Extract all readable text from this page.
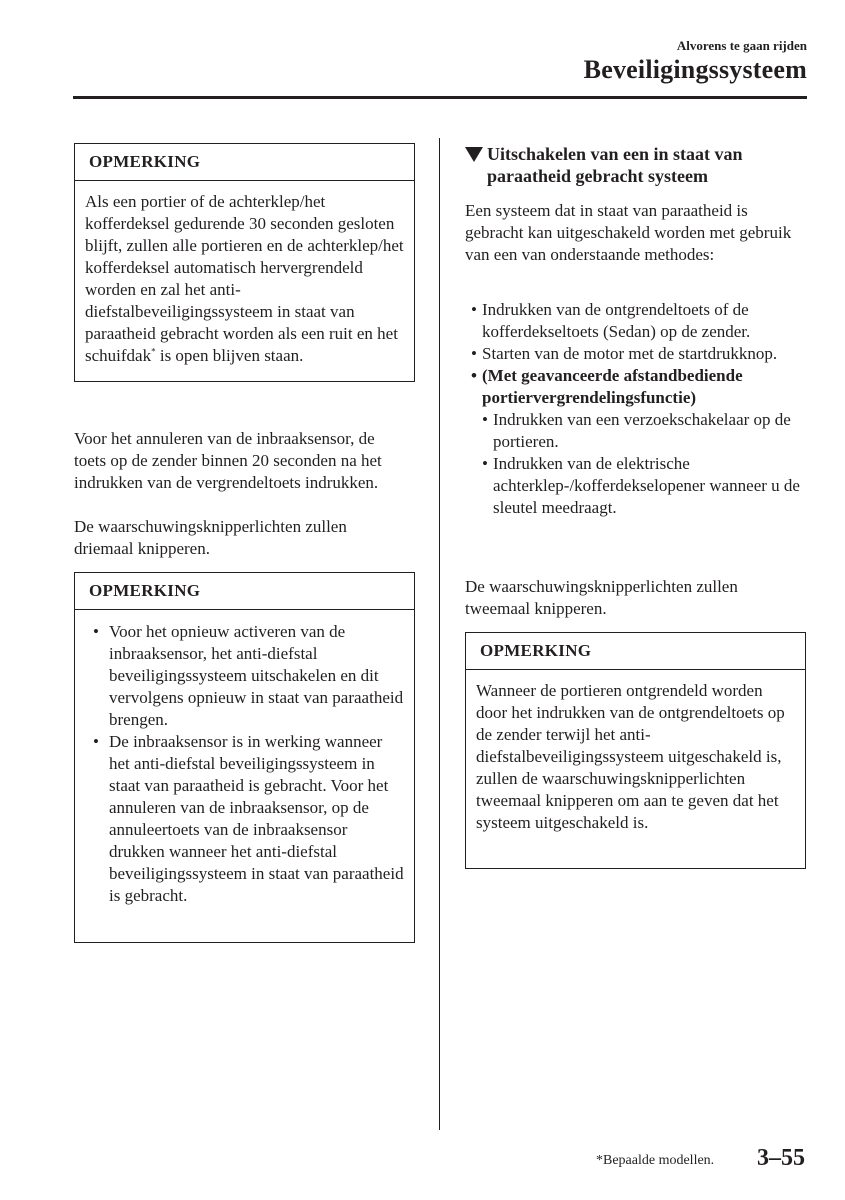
Alvorens te gaan rijden
Beveiligingssysteem
OPMERKING
Als een portier of de achterklep/het kofferdeksel gedurende 30 seconden gesloten blijft, zullen alle portieren en de achterklep/het kofferdeksel automatisch hervergrendeld worden en zal het anti-diefstalbeveiligingssysteem in staat van paraatheid gebracht worden als een ruit en het schuifdak* is open blijven staan.
Voor het annuleren van de inbraaksensor, de toets op de zender binnen 20 seconden na het indrukken van de vergrendeltoets indrukken.
De waarschuwingsknipperlichten zullen driemaal knipperen.
OPMERKING
• Voor het opnieuw activeren van de inbraaksensor, het anti-diefstal beveiligingssysteem uitschakelen en dit vervolgens opnieuw in staat van paraatheid brengen.
• De inbraaksensor is in werking wanneer het anti-diefstal beveiligingssysteem in staat van paraatheid is gebracht. Voor het annuleren van de inbraaksensor, op de annuleertoets van de inbraaksensor drukken wanneer het anti-diefstal beveiligingssysteem in staat van paraatheid is gebracht.
Uitschakelen van een in staat van paraatheid gebracht systeem
Een systeem dat in staat van paraatheid is gebracht kan uitgeschakeld worden met gebruik van een van onderstaande methodes:
• Indrukken van de ontgrendeltoets of de kofferdekseltoets (Sedan) op de zender.
• Starten van de motor met de startdrukknop.
• (Met geavanceerde afstandbediende portiervergrendelingsfunctie)
• Indrukken van een verzoekschakelaar op de portieren.
• Indrukken van de elektrische achterklep-/kofferdekselopener wanneer u de sleutel meedraagt.
De waarschuwingsknipperlichten zullen tweemaal knipperen.
OPMERKING
Wanneer de portieren ontgrendeld worden door het indrukken van de ontgrendeltoets op de zender terwijl het anti-diefstalbeveiligingssysteem uitgeschakeld is, zullen de waarschuwingsknipperlichten tweemaal knipperen om aan te geven dat het systeem uitgeschakeld is.
*Bepaalde modellen. 3–55
